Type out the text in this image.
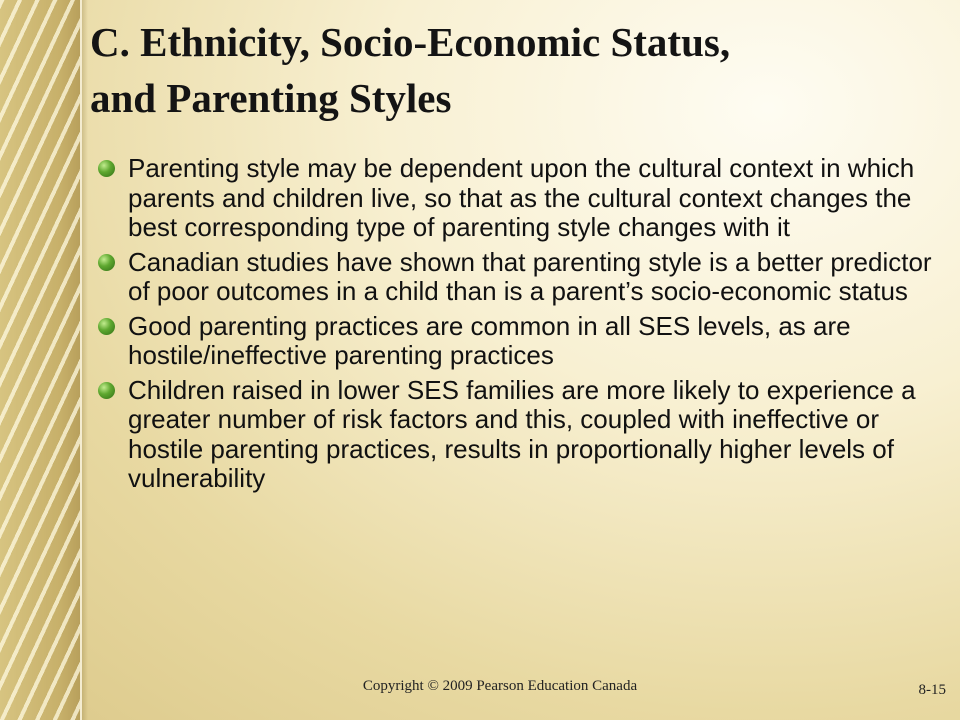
C. Ethnicity, Socio-Economic Status,
and Parenting Styles
Parenting style may be dependent upon the cultural context in which parents and children live, so that as the cultural context changes the best corresponding type of parenting style changes with it
Canadian studies have shown that parenting style is a better predictor of poor outcomes in a child than is a parent’s socio-economic status
Good parenting practices are common in all SES levels, as are hostile/ineffective parenting practices
Children raised in lower SES families are more likely to experience a greater number of risk factors and this, coupled with ineffective or hostile parenting practices, results in proportionally higher levels of vulnerability
Copyright © 2009 Pearson Education Canada	8-15
